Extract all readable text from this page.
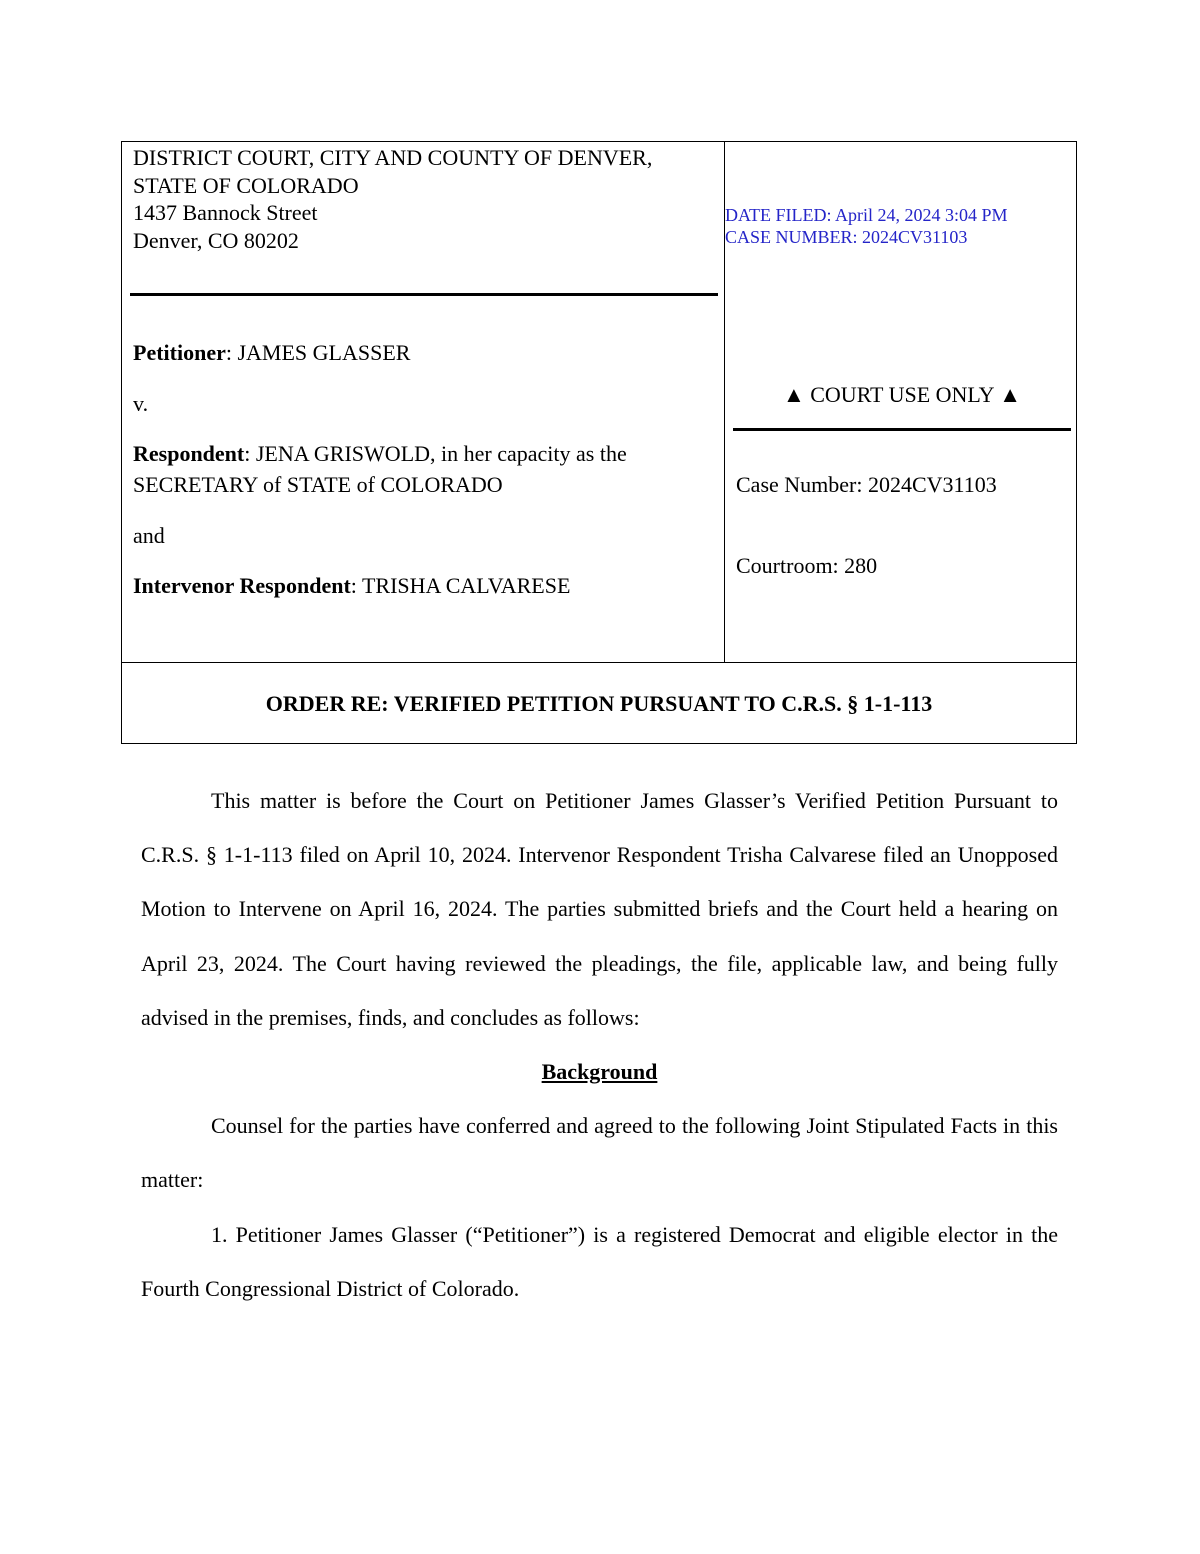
DISTRICT COURT, CITY AND COUNTY OF DENVER,
STATE OF COLORADO
1437 Bannock Street
Denver, CO 80202
Petitioner: JAMES GLASSER
v.
Respondent: JENA GRISWOLD, in her capacity as the
SECRETARY of STATE of COLORADO
and
Intervenor Respondent: TRISHA CALVARESE
DATE FILED: April 24, 2024 3:04 PM
CASE NUMBER: 2024CV31103
▲ COURT USE ONLY ▲
Case Number: 2024CV31103
Courtroom: 280
ORDER RE: VERIFIED PETITION PURSUANT TO C.R.S. § 1-1-113

This matter is before the Court on Petitioner James Glasser’s Verified Petition Pursuant to C.R.S. § 1-1-113 filed on April 10, 2024. Intervenor Respondent Trisha Calvarese filed an Unopposed Motion to Intervene on April 16, 2024. The parties submitted briefs and the Court held a hearing on April 23, 2024. The Court having reviewed the pleadings, the file, applicable law, and being fully advised in the premises, finds, and concludes as follows:

Background

Counsel for the parties have conferred and agreed to the following Joint Stipulated Facts in this matter:

1. Petitioner James Glasser (“Petitioner”) is a registered Democrat and eligible elector in the Fourth Congressional District of Colorado.
